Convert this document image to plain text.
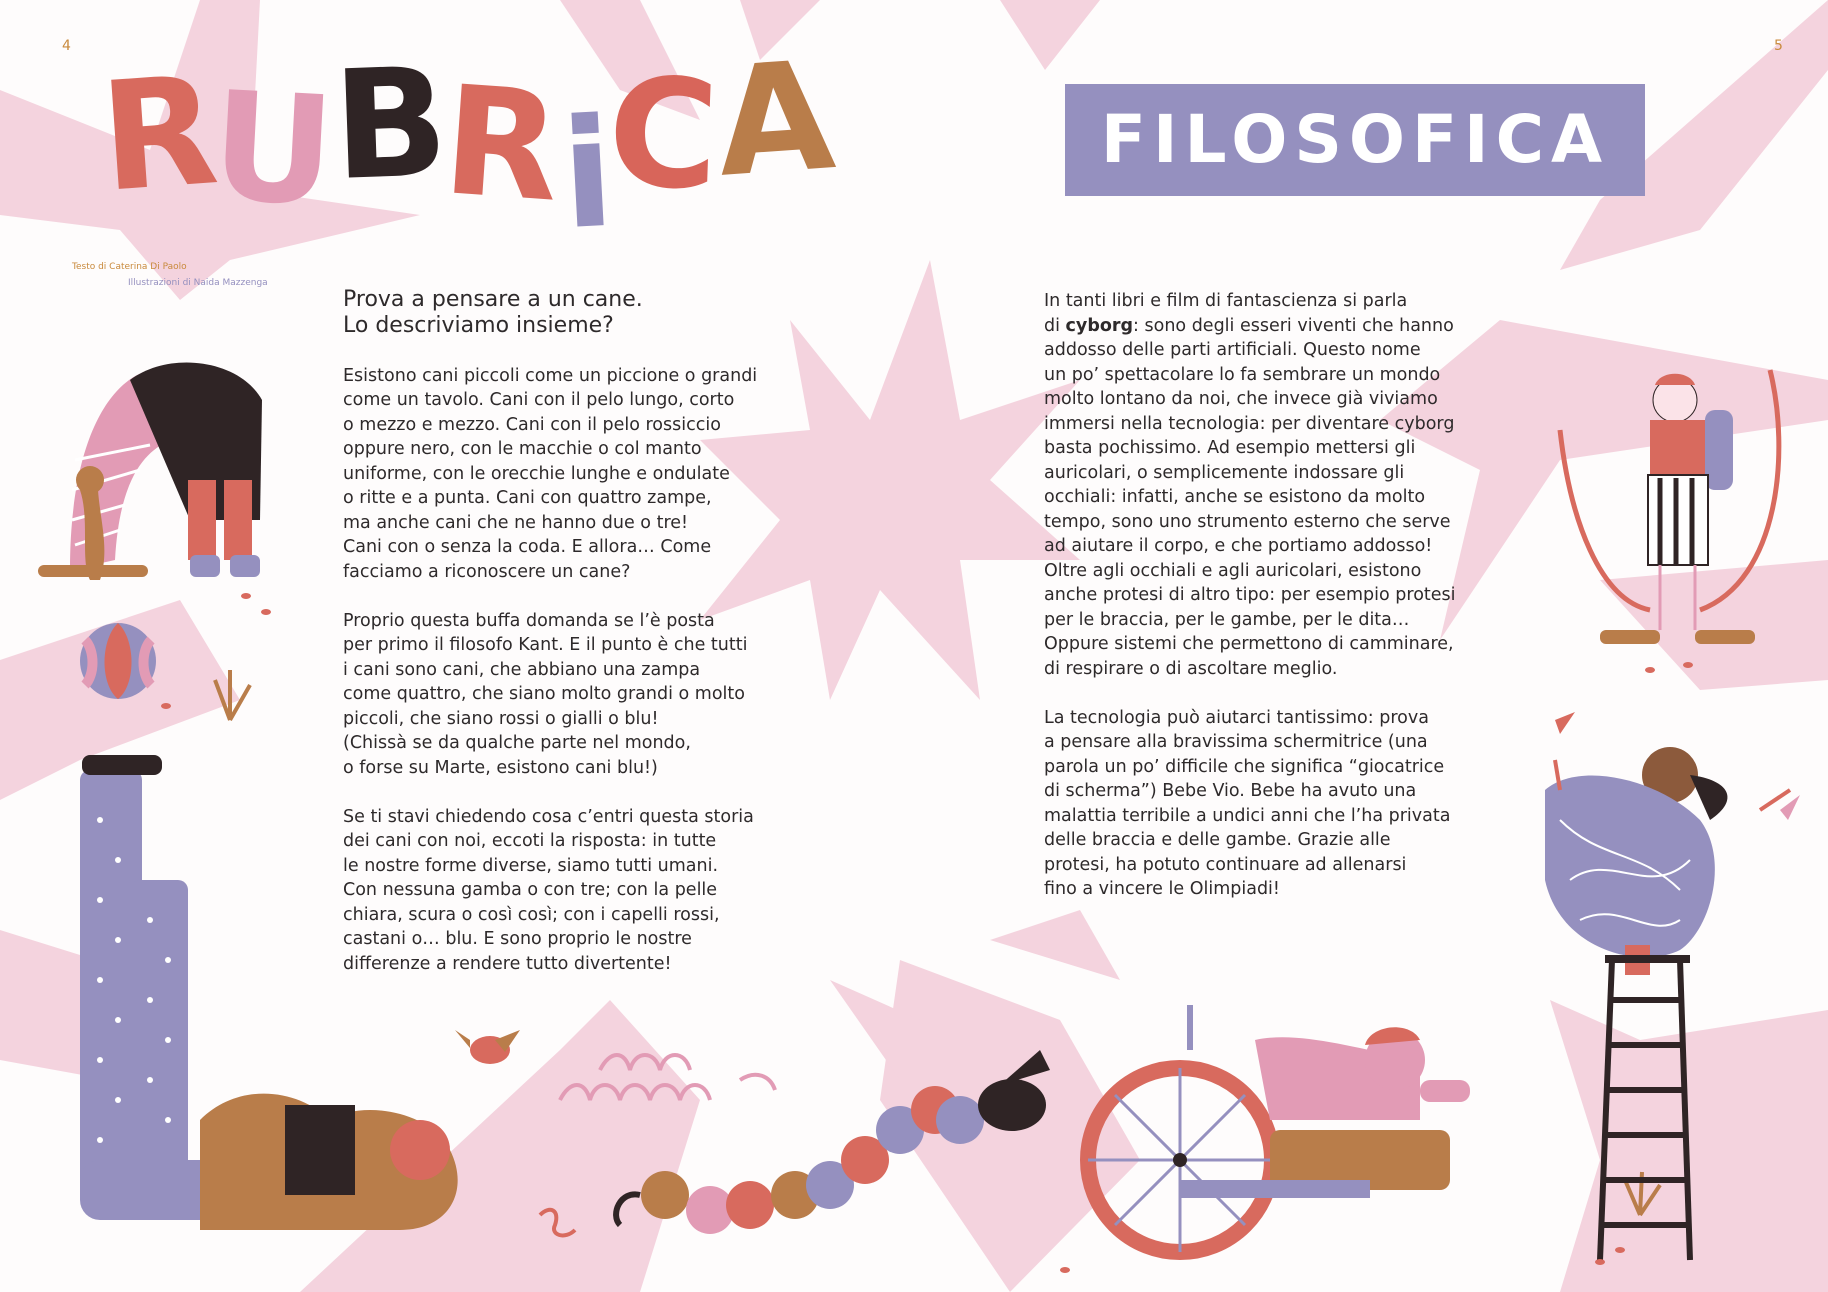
4	5
RUBRiCA	FILOSOFICA
Testo di Caterina Di Paolo
Illustrazioni di Naida Mazzenga

Prova a pensare a un cane.
Lo descriviamo insieme?

Esistono cani piccoli come un piccione o grandi
come un tavolo. Cani con il pelo lungo, corto
o mezzo e mezzo. Cani con il pelo rossiccio
oppure nero, con le macchie o col manto
uniforme, con le orecchie lunghe e ondulate
o ritte e a punta. Cani con quattro zampe,
ma anche cani che ne hanno due o tre!
Cani con o senza la coda. E allora… Come
facciamo a riconoscere un cane?

Proprio questa buffa domanda se l’è posta
per primo il filosofo Kant. E il punto è che tutti
i cani sono cani, che abbiano una zampa
come quattro, che siano molto grandi o molto
piccoli, che siano rossi o gialli o blu!
(Chissà se da qualche parte nel mondo,
o forse su Marte, esistono cani blu!)

Se ti stavi chiedendo cosa c’entri questa storia
dei cani con noi, eccoti la risposta: in tutte
le nostre forme diverse, siamo tutti umani.
Con nessuna gamba o con tre; con la pelle
chiara, scura o così così; con i capelli rossi,
castani o… blu. E sono proprio le nostre
differenze a rendere tutto divertente!

In tanti libri e film di fantascienza si parla
di cyborg: sono degli esseri viventi che hanno
addosso delle parti artificiali. Questo nome
un po’ spettacolare lo fa sembrare un mondo
molto lontano da noi, che invece già viviamo
immersi nella tecnologia: per diventare cyborg
basta pochissimo. Ad esempio mettersi gli
auricolari, o semplicemente indossare gli
occhiali: infatti, anche se esistono da molto
tempo, sono uno strumento esterno che serve
ad aiutare il corpo, e che portiamo addosso!
Oltre agli occhiali e agli auricolari, esistono
anche protesi di altro tipo: per esempio protesi
per le braccia, per le gambe, per le dita…
Oppure sistemi che permettono di camminare,
di respirare o di ascoltare meglio.

La tecnologia può aiutarci tantissimo: prova
a pensare alla bravissima schermitrice (una
parola un po’ difficile che significa “giocatrice
di scherma”) Bebe Vio. Bebe ha avuto una
malattia terribile a undici anni che l’ha privata
delle braccia e delle gambe. Grazie alle
protesi, ha potuto continuare ad allenarsi
fino a vincere le Olimpiadi!
